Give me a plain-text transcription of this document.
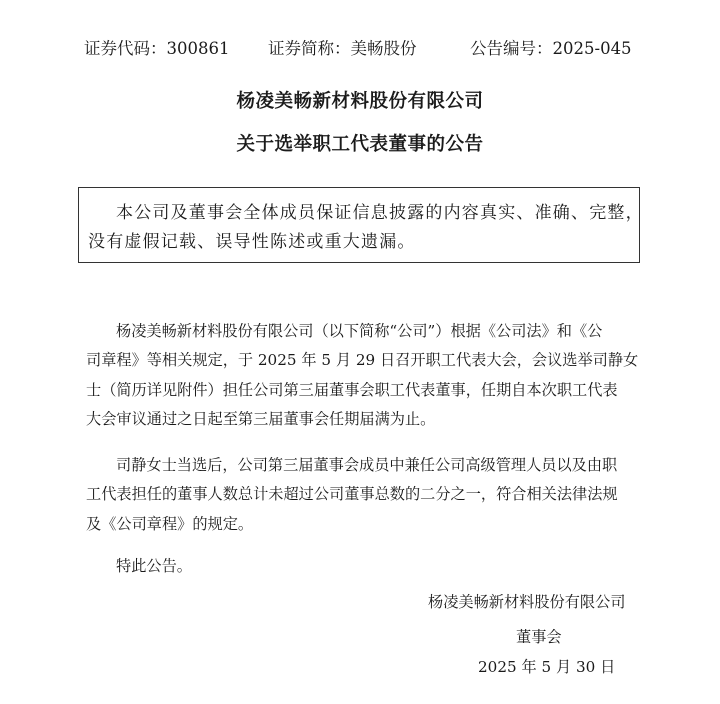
证券代码：300861 证券简称：美畅股份	公告编号：2025-045
杨凌美畅新材料股份有限公司
关于选举职工代表董事的公告
本公司及董事会全体成员保证信息披露的内容真实、准确、完整，
没有虚假记载、误导性陈述或重大遗漏。
杨凌美畅新材料股份有限公司（以下简称“公司”）根据《公司法》和《公
司章程》等相关规定，于 2025 年 5 月 29 日召开职工代表大会，会议选举司静女
士（简历详见附件）担任公司第三届董事会职工代表董事，任期自本次职工代表
大会审议通过之日起至第三届董事会任期届满为止。
司静女士当选后，公司第三届董事会成员中兼任公司高级管理人员以及由职
工代表担任的董事人数总计未超过公司董事总数的二分之一，符合相关法律法规
及《公司章程》的规定。
特此公告。
杨凌美畅新材料股份有限公司
董事会
2025 年 5 月 30 日
